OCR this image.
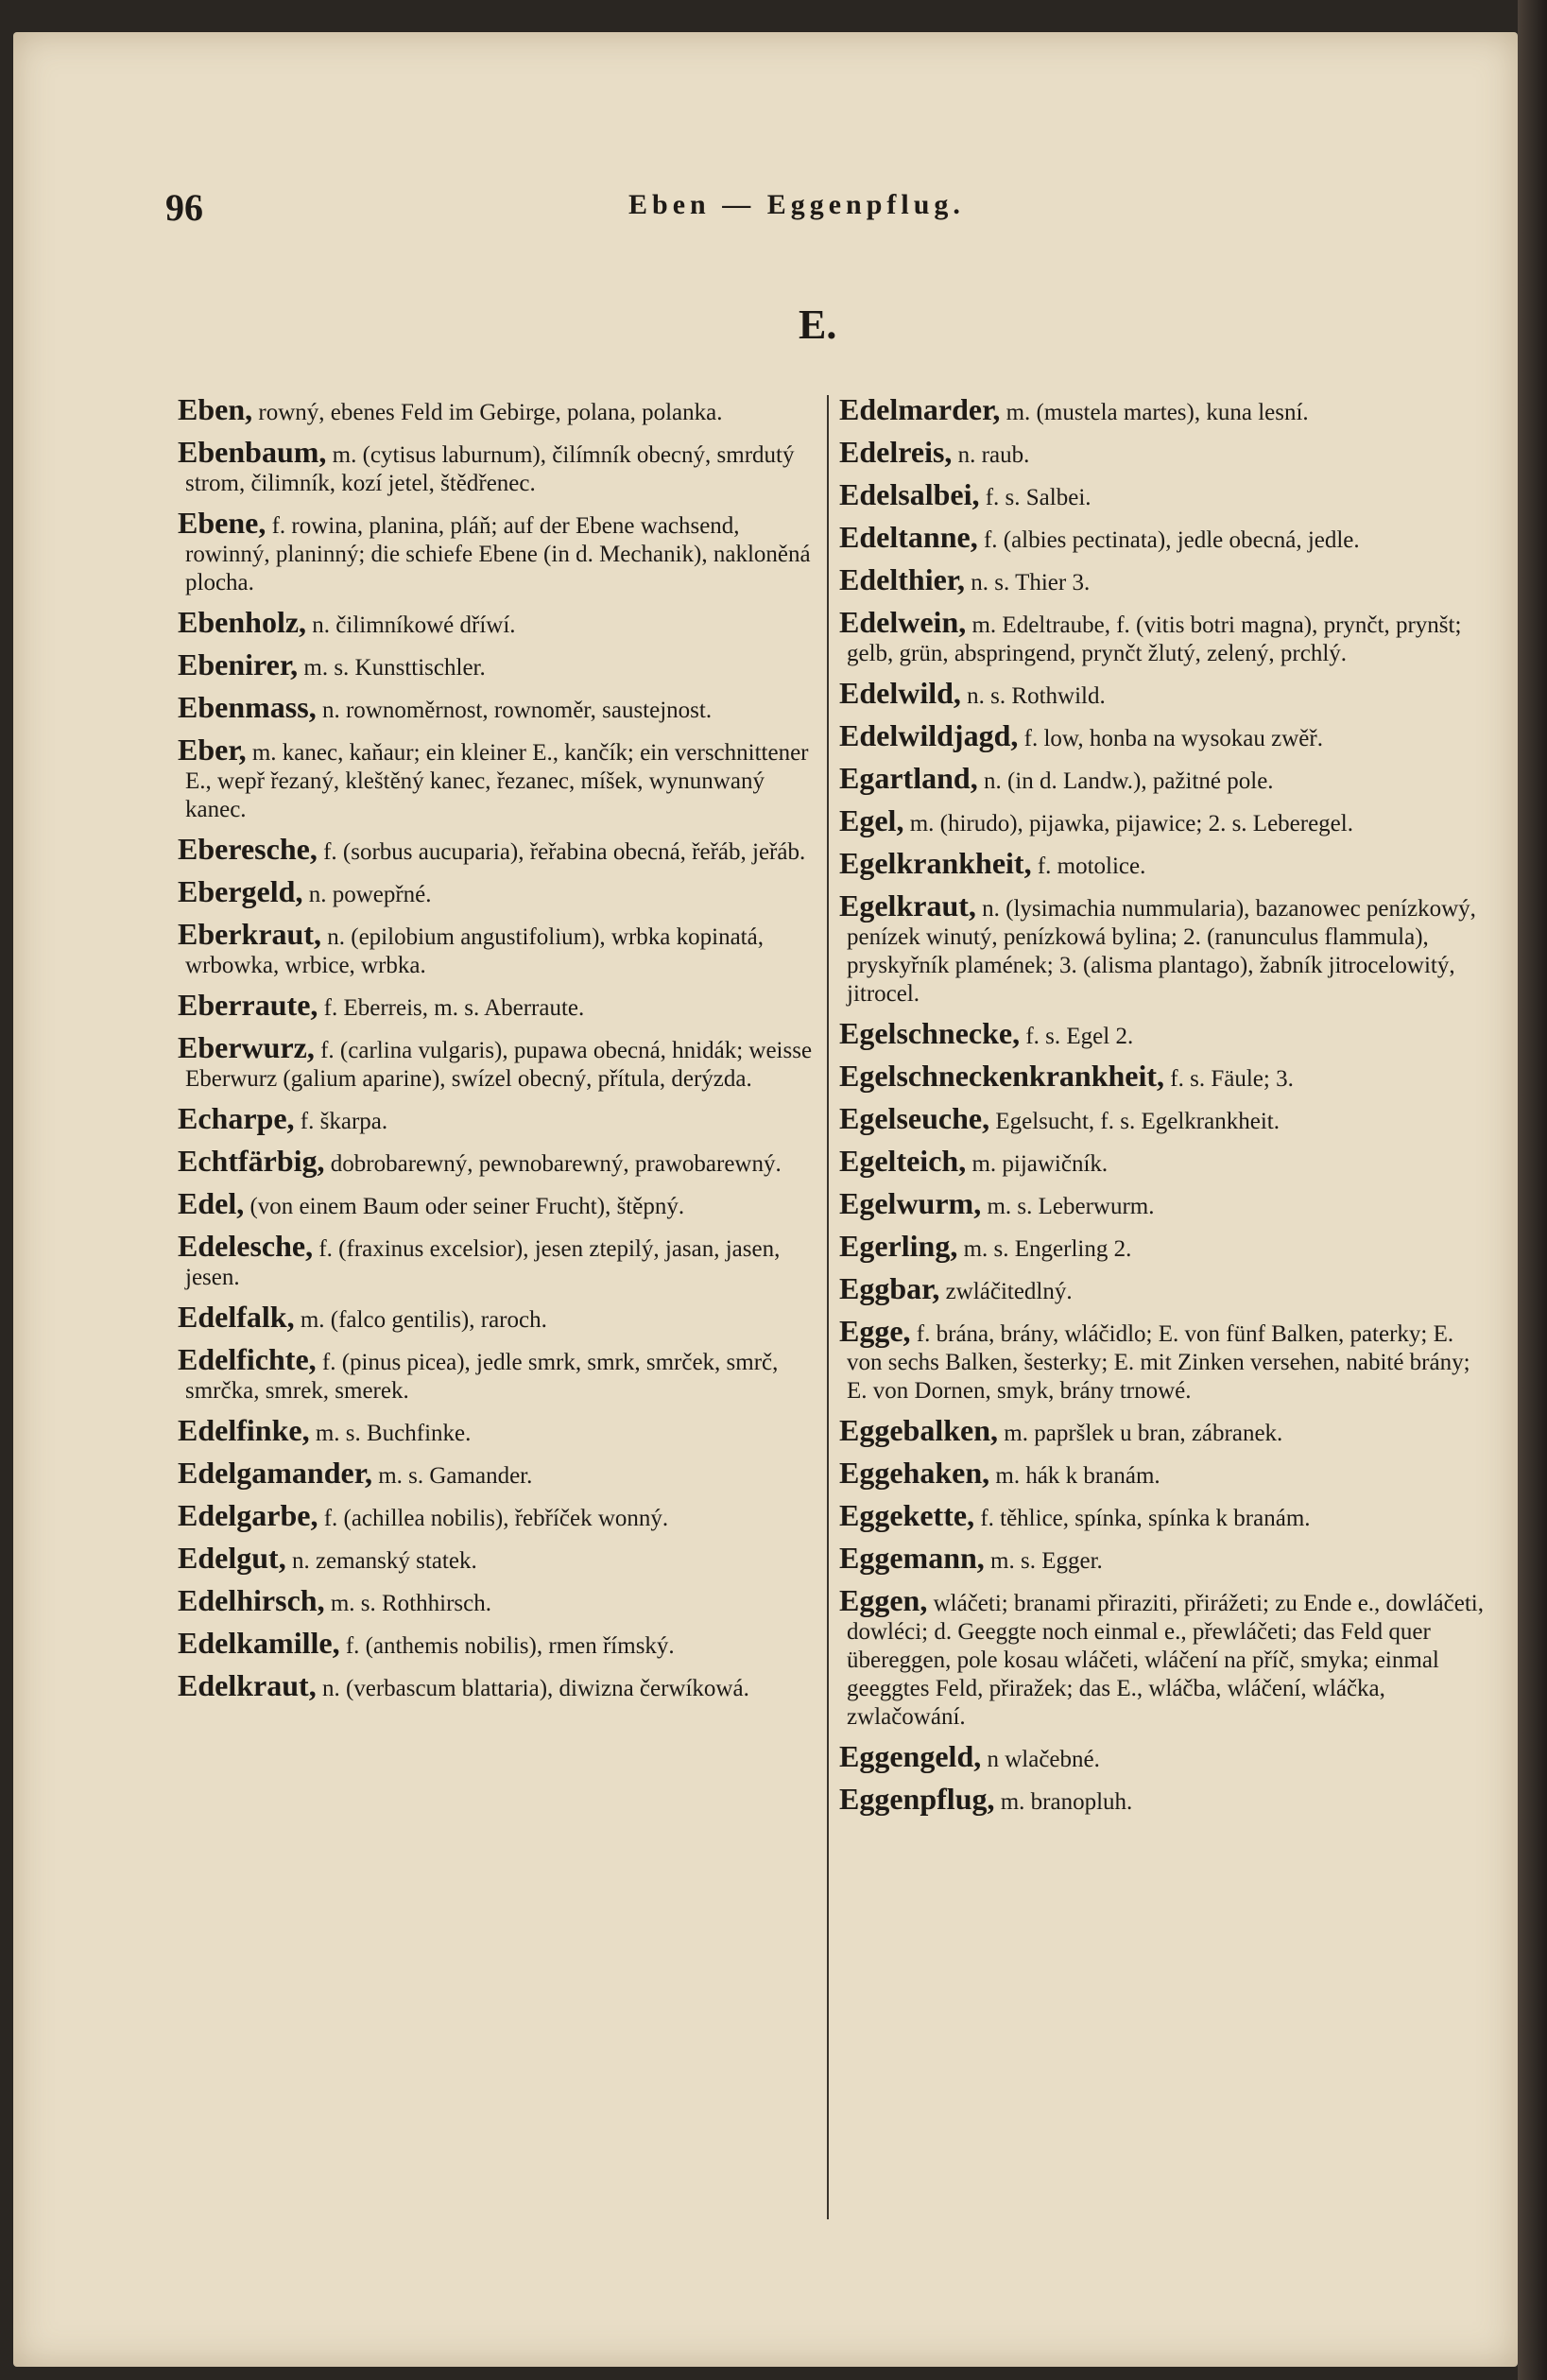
96	Eben — Eggenpflug.
E.
Eben, rowný, ebenes Feld im Gebirge, polana, polanka.
Ebenbaum, m. (cytisus laburnum), čilímník obecný, smrdutý strom, čilimník, kozí jetel, štědřenec.
Ebene, f. rowina, planina, pláň; auf der Ebene wachsend, rowinný, planinný; die schiefe Ebene (in d. Mechanik), nakloněná plocha.
Ebenholz, n. čilimníkowé dříwí.
Ebenirer, m. s. Kunsttischler.
Ebenmass, n. rownoměrnost, rownoměr, saustejnost.
Eber, m. kanec, kaňaur; ein kleiner E., kančík; ein verschnittener E., wepř řezaný, kleštěný kanec, řezanec, míšek, wynunwaný kanec.
Eberesche, f. (sorbus aucuparia), řeřabina obecná, řeřáb, jeřáb.
Ebergeld, n. powepřné.
Eberkraut, n. (epilobium angustifolium), wrbka kopinatá, wrbowka, wrbice, wrbka.
Eberraute, f. Eberreis, m. s. Aberraute.
Eberwurz, f. (carlina vulgaris), pupawa obecná, hnidák; weisse Eberwurz (galium aparine), swízel obecný, přítula, derýzda.
Echarpe, f. škarpa.
Echtfärbig, dobrobarewný, pewnobarewný, prawobarewný.
Edel, (von einem Baum oder seiner Frucht), štěpný.
Edelesche, f. (fraxinus excelsior), jesen ztepilý, jasan, jasen, jesen.
Edelfalk, m. (falco gentilis), raroch.
Edelfichte, f. (pinus picea), jedle smrk, smrk, smrček, smrč, smrčka, smrek, smerek.
Edelfinke, m. s. Buchfinke.
Edelgamander, m. s. Gamander.
Edelgarbe, f. (achillea nobilis), řebříček wonný.
Edelgut, n. zemanský statek.
Edelhirsch, m. s. Rothhirsch.
Edelkamille, f. (anthemis nobilis), rmen římský.
Edelkraut, n. (verbascum blattaria), diwizna čerwíkowá.
Edelmarder, m. (mustela martes), kuna lesní.
Edelreis, n. raub.
Edelsalbei, f. s. Salbei.
Edeltanne, f. (albies pectinata), jedle obecná, jedle.
Edelthier, n. s. Thier 3.
Edelwein, m. Edeltraube, f. (vitis botri magna), prynčt, prynšt; gelb, grün, abspringend, prynčt žlutý, zelený, prchlý.
Edelwild, n. s. Rothwild.
Edelwildjagd, f. low, honba na wysokau zwěř.
Egartland, n. (in d. Landw.), pažitné pole.
Egel, m. (hirudo), pijawka, pijawice; 2. s. Leberegel.
Egelkrankheit, f. motolice.
Egelkraut, n. (lysimachia nummularia), bazanowec penízkowý, penízek winutý, penízkowá bylina; 2. (ranunculus flammula), pryskyřník plamének; 3. (alisma plantago), žabník jitrocelowitý, jitrocel.
Egelschnecke, f. s. Egel 2.
Egelschneckenkrankheit, f. s. Fäule; 3.
Egelseuche, Egelsucht, f. s. Egelkrankheit.
Egelteich, m. pijawičník.
Egelwurm, m. s. Leberwurm.
Egerling, m. s. Engerling 2.
Eggbar, zwláčitedlný.
Egge, f. brána, brány, wláčidlo; E. von fünf Balken, paterky; E. von sechs Balken, šesterky; E. mit Zinken versehen, nabité brány; E. von Dornen, smyk, brány trnowé.
Eggebalken, m. papršlek u bran, zábranek.
Eggehaken, m. hák k branám.
Eggekette, f. těhlice, spínka, spínka k branám.
Eggemann, m. s. Egger.
Eggen, wláčeti; branami přiraziti, přirážeti; zu Ende e., dowláčeti, dowléci; d. Geeggte noch einmal e., přewláčeti; das Feld quer übereggen, pole kosau wláčeti, wláčení na příč, smyka; einmal geeggtes Feld, přiražek; das E., wláčba, wláčení, wláčka, zwlačowání.
Eggengeld, n wlačebné.
Eggenpflug, m. branopluh.
